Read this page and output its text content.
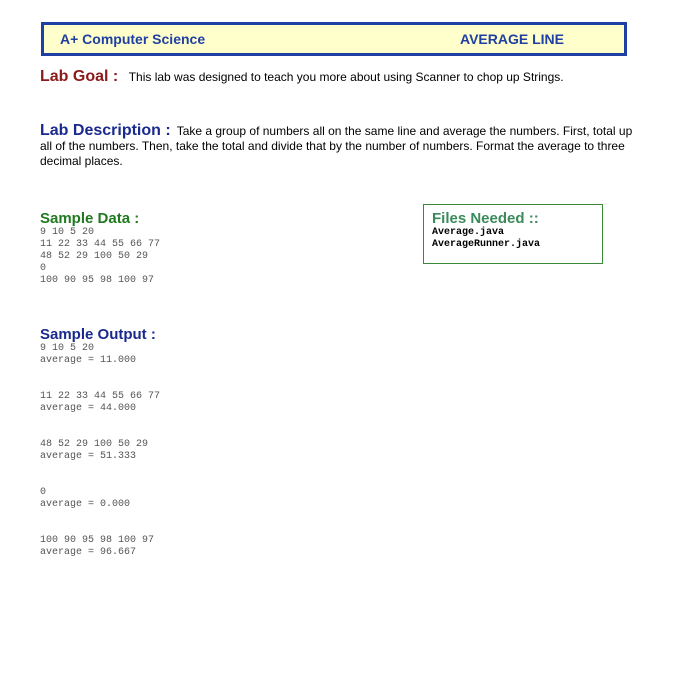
A+ Computer Science	AVERAGE LINE
Lab Goal : This lab was designed to teach you more about using Scanner to chop up Strings.
Lab Description : Take a group of numbers all on the same line and average the numbers. First, total up all of the numbers. Then, take the total and divide that by the number of numbers. Format the average to three decimal places.
Sample Data :
9 10 5 20
11 22 33 44 55 66 77
48 52 29 100 50 29
0
100 90 95 98 100 97
Files Needed ::
Average.java
AverageRunner.java
Sample Output :
9 10 5 20
average = 11.000
11 22 33 44 55 66 77
average = 44.000
48 52 29 100 50 29
average = 51.333
0
average = 0.000
100 90 95 98 100 97
average = 96.667
